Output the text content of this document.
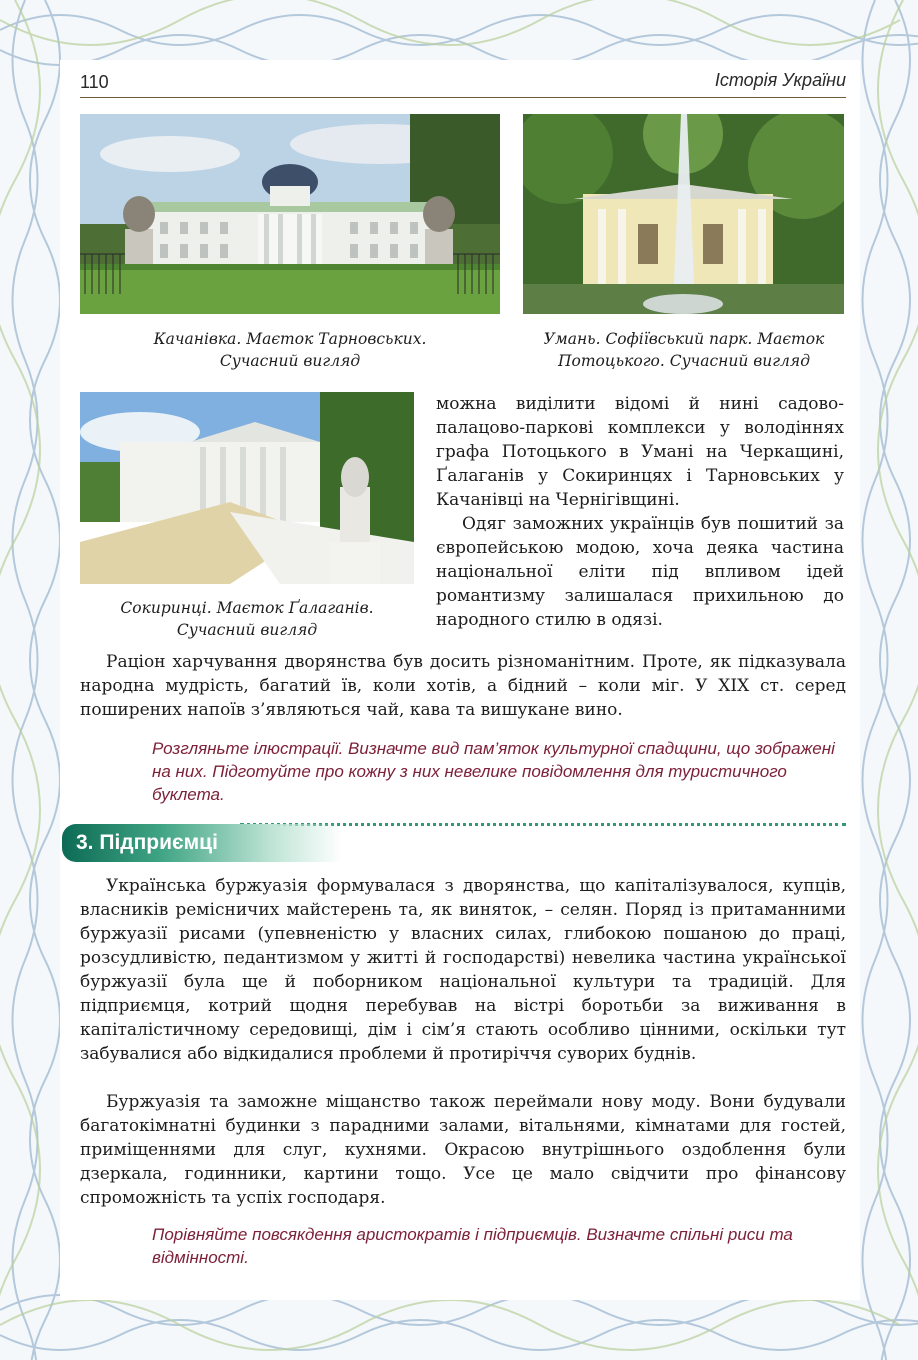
110	Історія України
Качанівка. Маєток Тарновських.
Сучасний вигляд
Умань. Софіївський парк. Маєток
Потоцького. Сучасний вигляд
Сокиринці. Маєток Ґалаганів.
Сучасний вигляд

можна виділити відомі й нині садово-палацово-паркові комплекси у володіннях графа Потоцького в Умані на Черкащині, Ґалаганів у Сокиринцях і Тарновських у Качанівці на Чернігівщині.

Одяг заможних українців був пошитий за європейською модою, хоча деяка частина національної еліти під впливом ідей романтизму залишалася прихильною до народного стилю в одязі.

Раціон харчування дворянства був досить різноманітним. Проте, як підказувала народна мудрість, багатий їв, коли хотів, а бідний – коли міг. У ХІХ ст. серед поширених напоїв з’являються чай, кава та вишукане вино.

Розгляньте ілюстрації. Визначте вид пам’яток культурної спадщини, що зображені на них. Підготуйте про кожну з них невелике повідомлення для туристичного буклета.
3. Підприємці

Українська буржуазія формувалася з дворянства, що капіталізувалося, купців, власників ремісничих майстерень та, як виняток, – селян. Поряд із притаманними буржуазії рисами (упевненістю у власних силах, глибокою пошаною до праці, розсудливістю, педантизмом у житті й господарстві) невелика частина української буржуазії була ще й поборником національної культури та традицій. Для підприємця, котрий щодня перебував на вістрі боротьби за виживання в капіталістичному середовищі, дім і сім’я стають особливо цінними, оскільки тут забувалися або відкидалися проблеми й протиріччя суворих буднів.

Буржуазія та заможне міщанство також переймали нову моду. Вони будували багатокімнатні будинки з парадними залами, вітальнями, кімнатами для гостей, приміщеннями для слуг, кухнями. Окрасою внутрішнього оздоблення були дзеркала, годинники, картини тощо. Усе це мало свідчити про фінансову спроможність та успіх господаря.

Порівняйте повсякдення аристократів і підприємців. Визначте спільні риси та відмінності.
